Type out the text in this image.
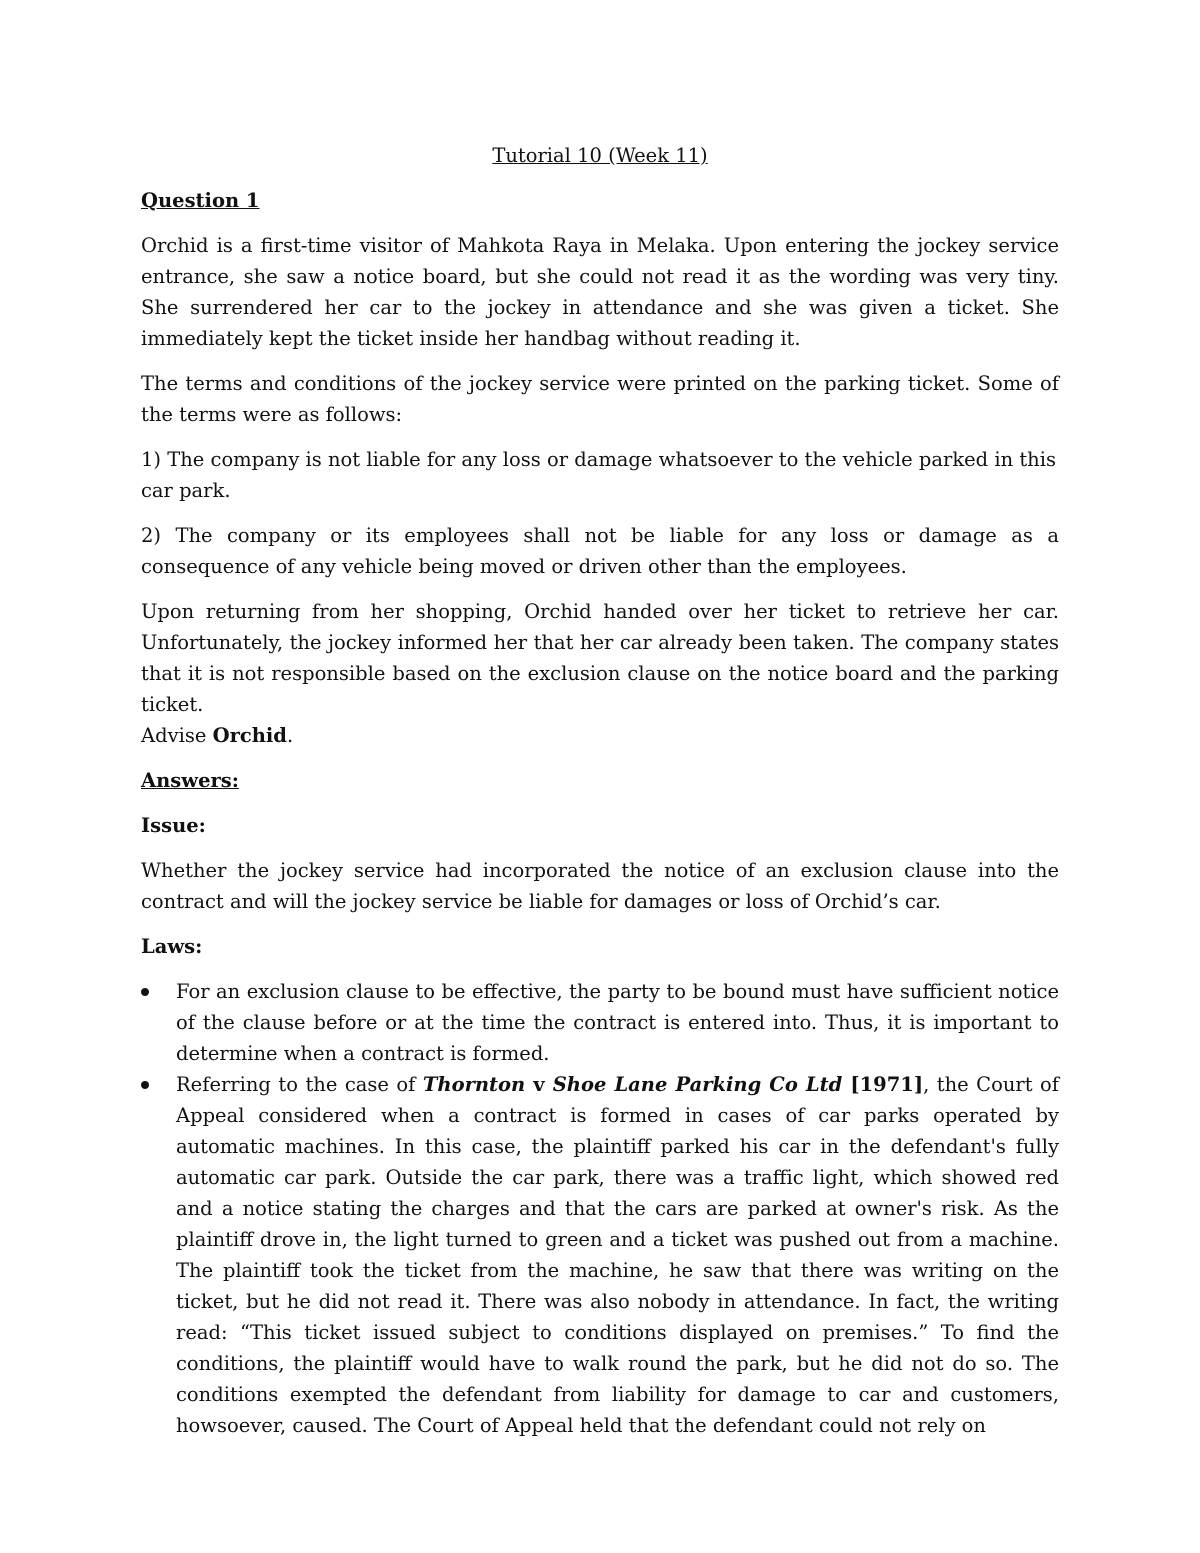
Tutorial 10 (Week 11)
Question 1

Orchid is a first-time visitor of Mahkota Raya in Melaka. Upon entering the jockey service entrance, she saw a notice board, but she could not read it as the wording was very tiny. She surrendered her car to the jockey in attendance and she was given a ticket. She immediately kept the ticket inside her handbag without reading it.

The terms and conditions of the jockey service were printed on the parking ticket. Some of the terms were as follows:

1) The company is not liable for any loss or damage whatsoever to the vehicle parked in this car park.

2) The company or its employees shall not be liable for any loss or damage as a consequence of any vehicle being moved or driven other than the employees.

Upon returning from her shopping, Orchid handed over her ticket to retrieve her car. Unfortunately, the jockey informed her that her car already been taken. The company states that it is not responsible based on the exclusion clause on the notice board and the parking ticket.
Advise Orchid.

Answers:
Issue:

Whether the jockey service had incorporated the notice of an exclusion clause into the contract and will the jockey service be liable for damages or loss of Orchid’s car.

Laws:
For an exclusion clause to be effective, the party to be bound must have sufficient notice of the clause before or at the time the contract is entered into. Thus, it is important to determine when a contract is formed.
Referring to the case of Thornton v Shoe Lane Parking Co Ltd [1971], the Court of Appeal considered when a contract is formed in cases of car parks operated by automatic machines. In this case, the plaintiff parked his car in the defendant's fully automatic car park. Outside the car park, there was a traffic light, which showed red and a notice stating the charges and that the cars are parked at owner's risk. As the plaintiff drove in, the light turned to green and a ticket was pushed out from a machine. The plaintiff took the ticket from the machine, he saw that there was writing on the ticket, but he did not read it. There was also nobody in attendance. In fact, the writing read: “This ticket issued subject to conditions displayed on premises.” To find the conditions, the plaintiff would have to walk round the park, but he did not do so. The conditions exempted the defendant from liability for damage to car and customers, howsoever, caused. The Court of Appeal held that the defendant could not rely on
